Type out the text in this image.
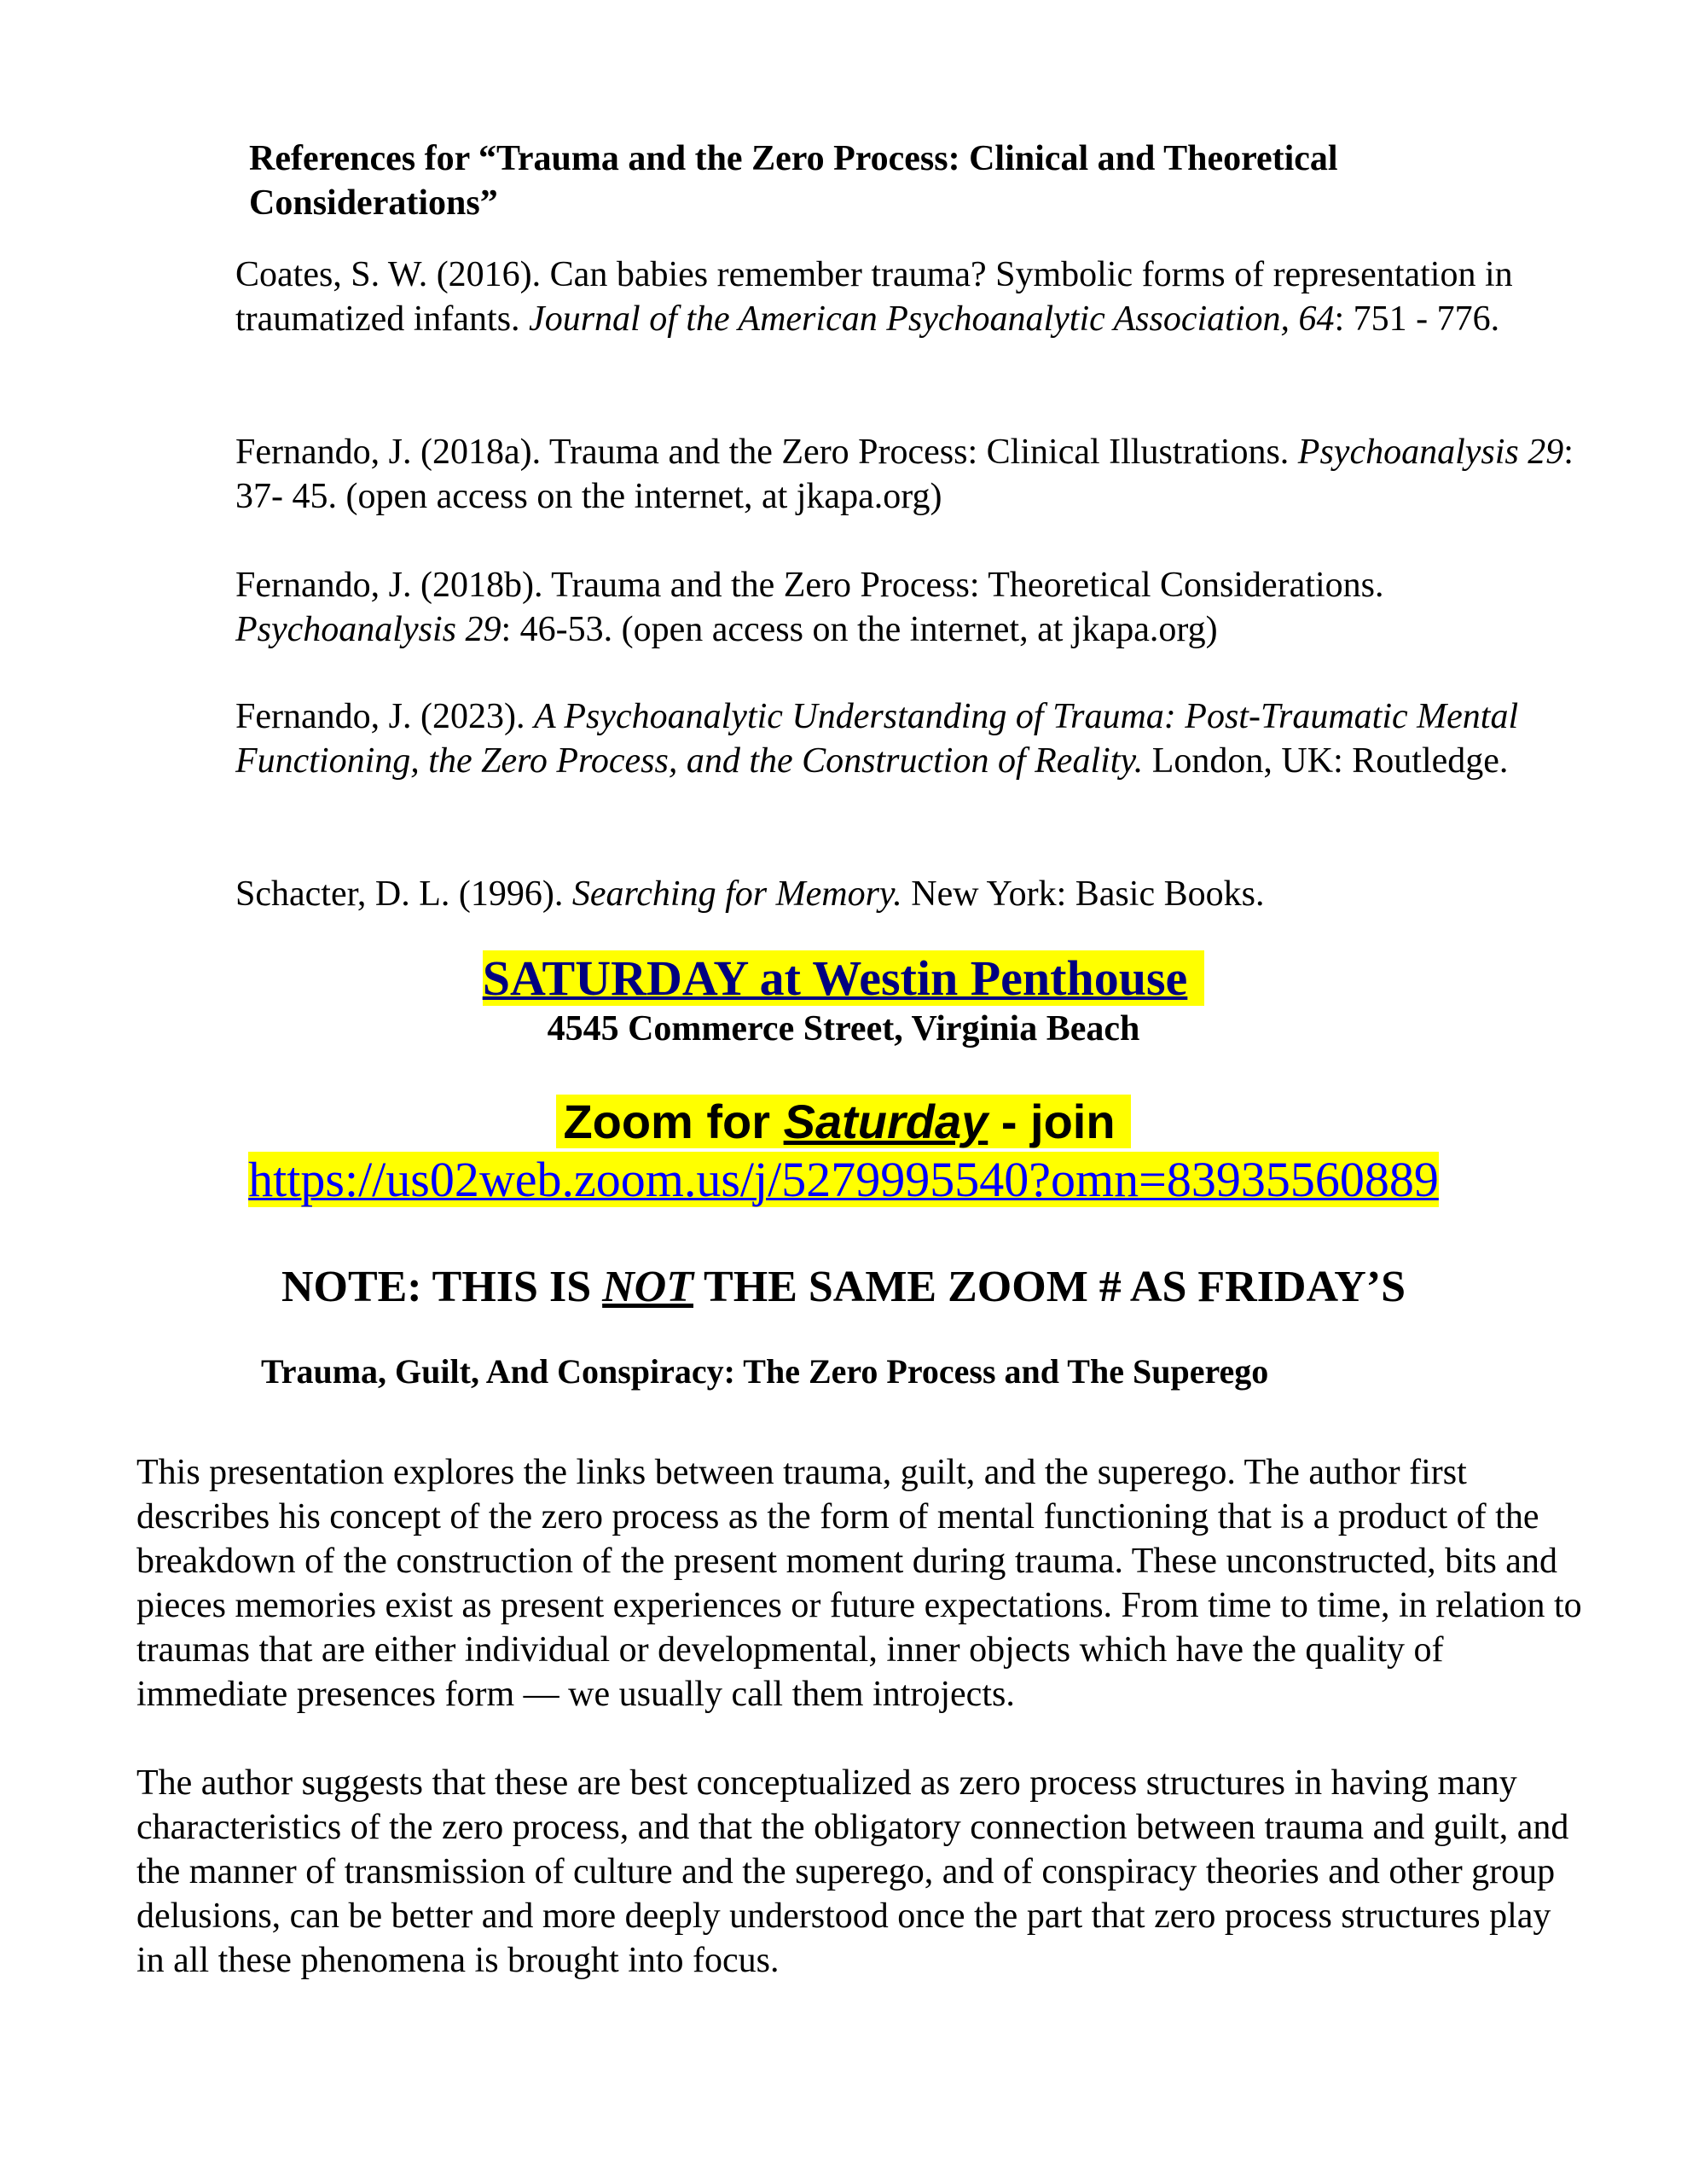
References for “Trauma and the Zero Process: Clinical and Theoretical Considerations”
Coates, S. W. (2016). Can babies remember trauma? Symbolic forms of representation in traumatized infants. Journal of the American Psychoanalytic Association, 64: 751 - 776.
Fernando, J. (2018a). Trauma and the Zero Process: Clinical Illustrations. Psychoanalysis 29: 37- 45. (open access on the internet, at jkapa.org)
Fernando, J. (2018b). Trauma and the Zero Process: Theoretical Considerations. Psychoanalysis 29: 46-53. (open access on the internet, at jkapa.org)
Fernando, J. (2023). A Psychoanalytic Understanding of Trauma: Post-Traumatic Mental Functioning, the Zero Process, and the Construction of Reality. London, UK: Routledge.
Schacter, D. L. (1996). Searching for Memory. New York: Basic Books.
SATURDAY at Westin Penthouse
4545 Commerce Street, Virginia Beach
Zoom for Saturday - join
https://us02web.zoom.us/j/5279995540?omn=83935560889
NOTE: THIS IS NOT THE SAME ZOOM # AS FRIDAY’S
Trauma, Guilt, And Conspiracy: The Zero Process and The Superego
This presentation explores the links between trauma, guilt, and the superego. The author first describes his concept of the zero process as the form of mental functioning that is a product of the breakdown of the construction of the present moment during trauma. These unconstructed, bits and pieces memories exist as present experiences or future expectations. From time to time, in relation to traumas that are either individual or developmental, inner objects which have the quality of immediate presences form — we usually call them introjects.
The author suggests that these are best conceptualized as zero process structures in having many characteristics of the zero process, and that the obligatory connection between trauma and guilt, and the manner of transmission of culture and the superego, and of conspiracy theories and other group delusions, can be better and more deeply understood once the part that zero process structures play in all these phenomena is brought into focus.
